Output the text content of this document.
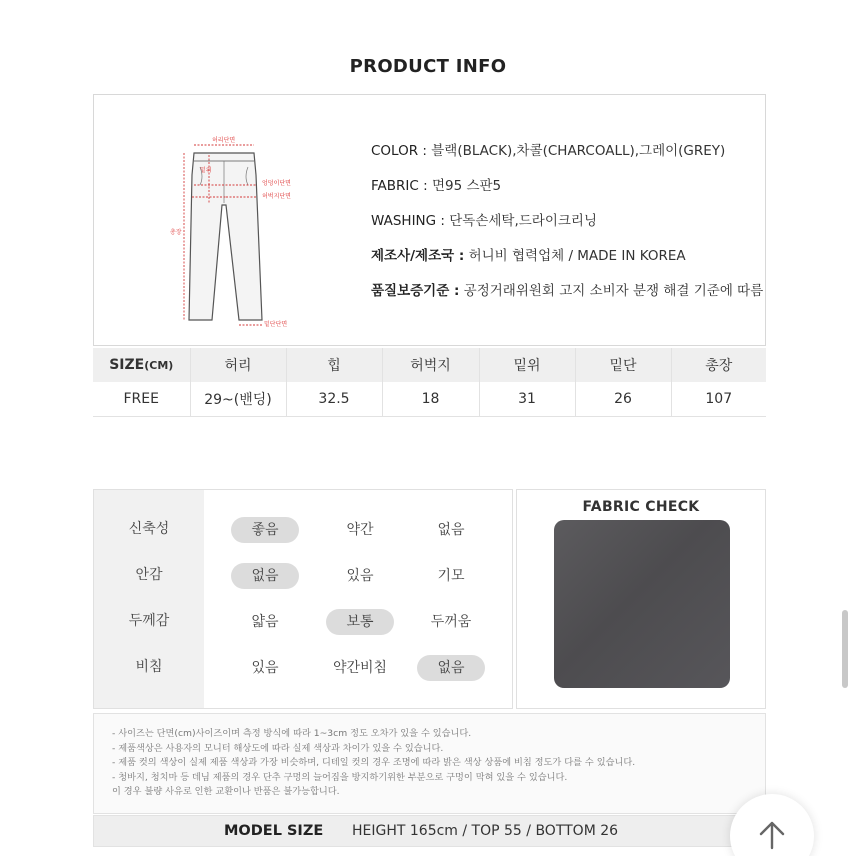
PRODUCT INFO
허리단면
밑위
엉덩이단면
허벅지단면
총장
밑단단면
COLOR : 블랙(BLACK),차콜(CHARCOALL),그레이(GREY)
FABRIC : 면95 스판5
WASHING : 단독손세탁,드라이크리닝
제조사/제조국 : 허니비 협력업체 / MADE IN KOREA
품질보증기준 : 공정거래위원회 고지 소비자 분쟁 해결 기준에 따름
SIZE(CM)	허리	힙	허벅지	밑위	밑단	총장
FREE	29~(밴딩)	32.5	18	31	26	107
신축성	좋음	약간	없음
안감	없음	있음	기모
두께감	얇음	보통	두꺼움
비침	있음	약간비침	없음
FABRIC CHECK

- 사이즈는 단면(cm)사이즈이며 측정 방식에 따라 1~3cm 정도 오차가 있을 수 있습니다.

- 제품색상은 사용자의 모니터 해상도에 따라 실제 색상과 차이가 있을 수 있습니다.

- 제품 컷의 색상이 실제 제품 색상과 가장 비슷하며, 디테일 컷의 경우 조명에 따라 밝은 색상 상품에 비침 정도가 다를 수 있습니다.

- 청바지, 청치마 등 데님 제품의 경우 단추 구멍의 늘어짐을 방지하기위한 부분으로 구멍이 막혀 있을 수 있습니다.

이 경우 불량 사유로 인한 교환이나 반품은 불가능합니다.

MODEL SIZE HEIGHT 165cm / TOP 55 / BOTTOM 26
